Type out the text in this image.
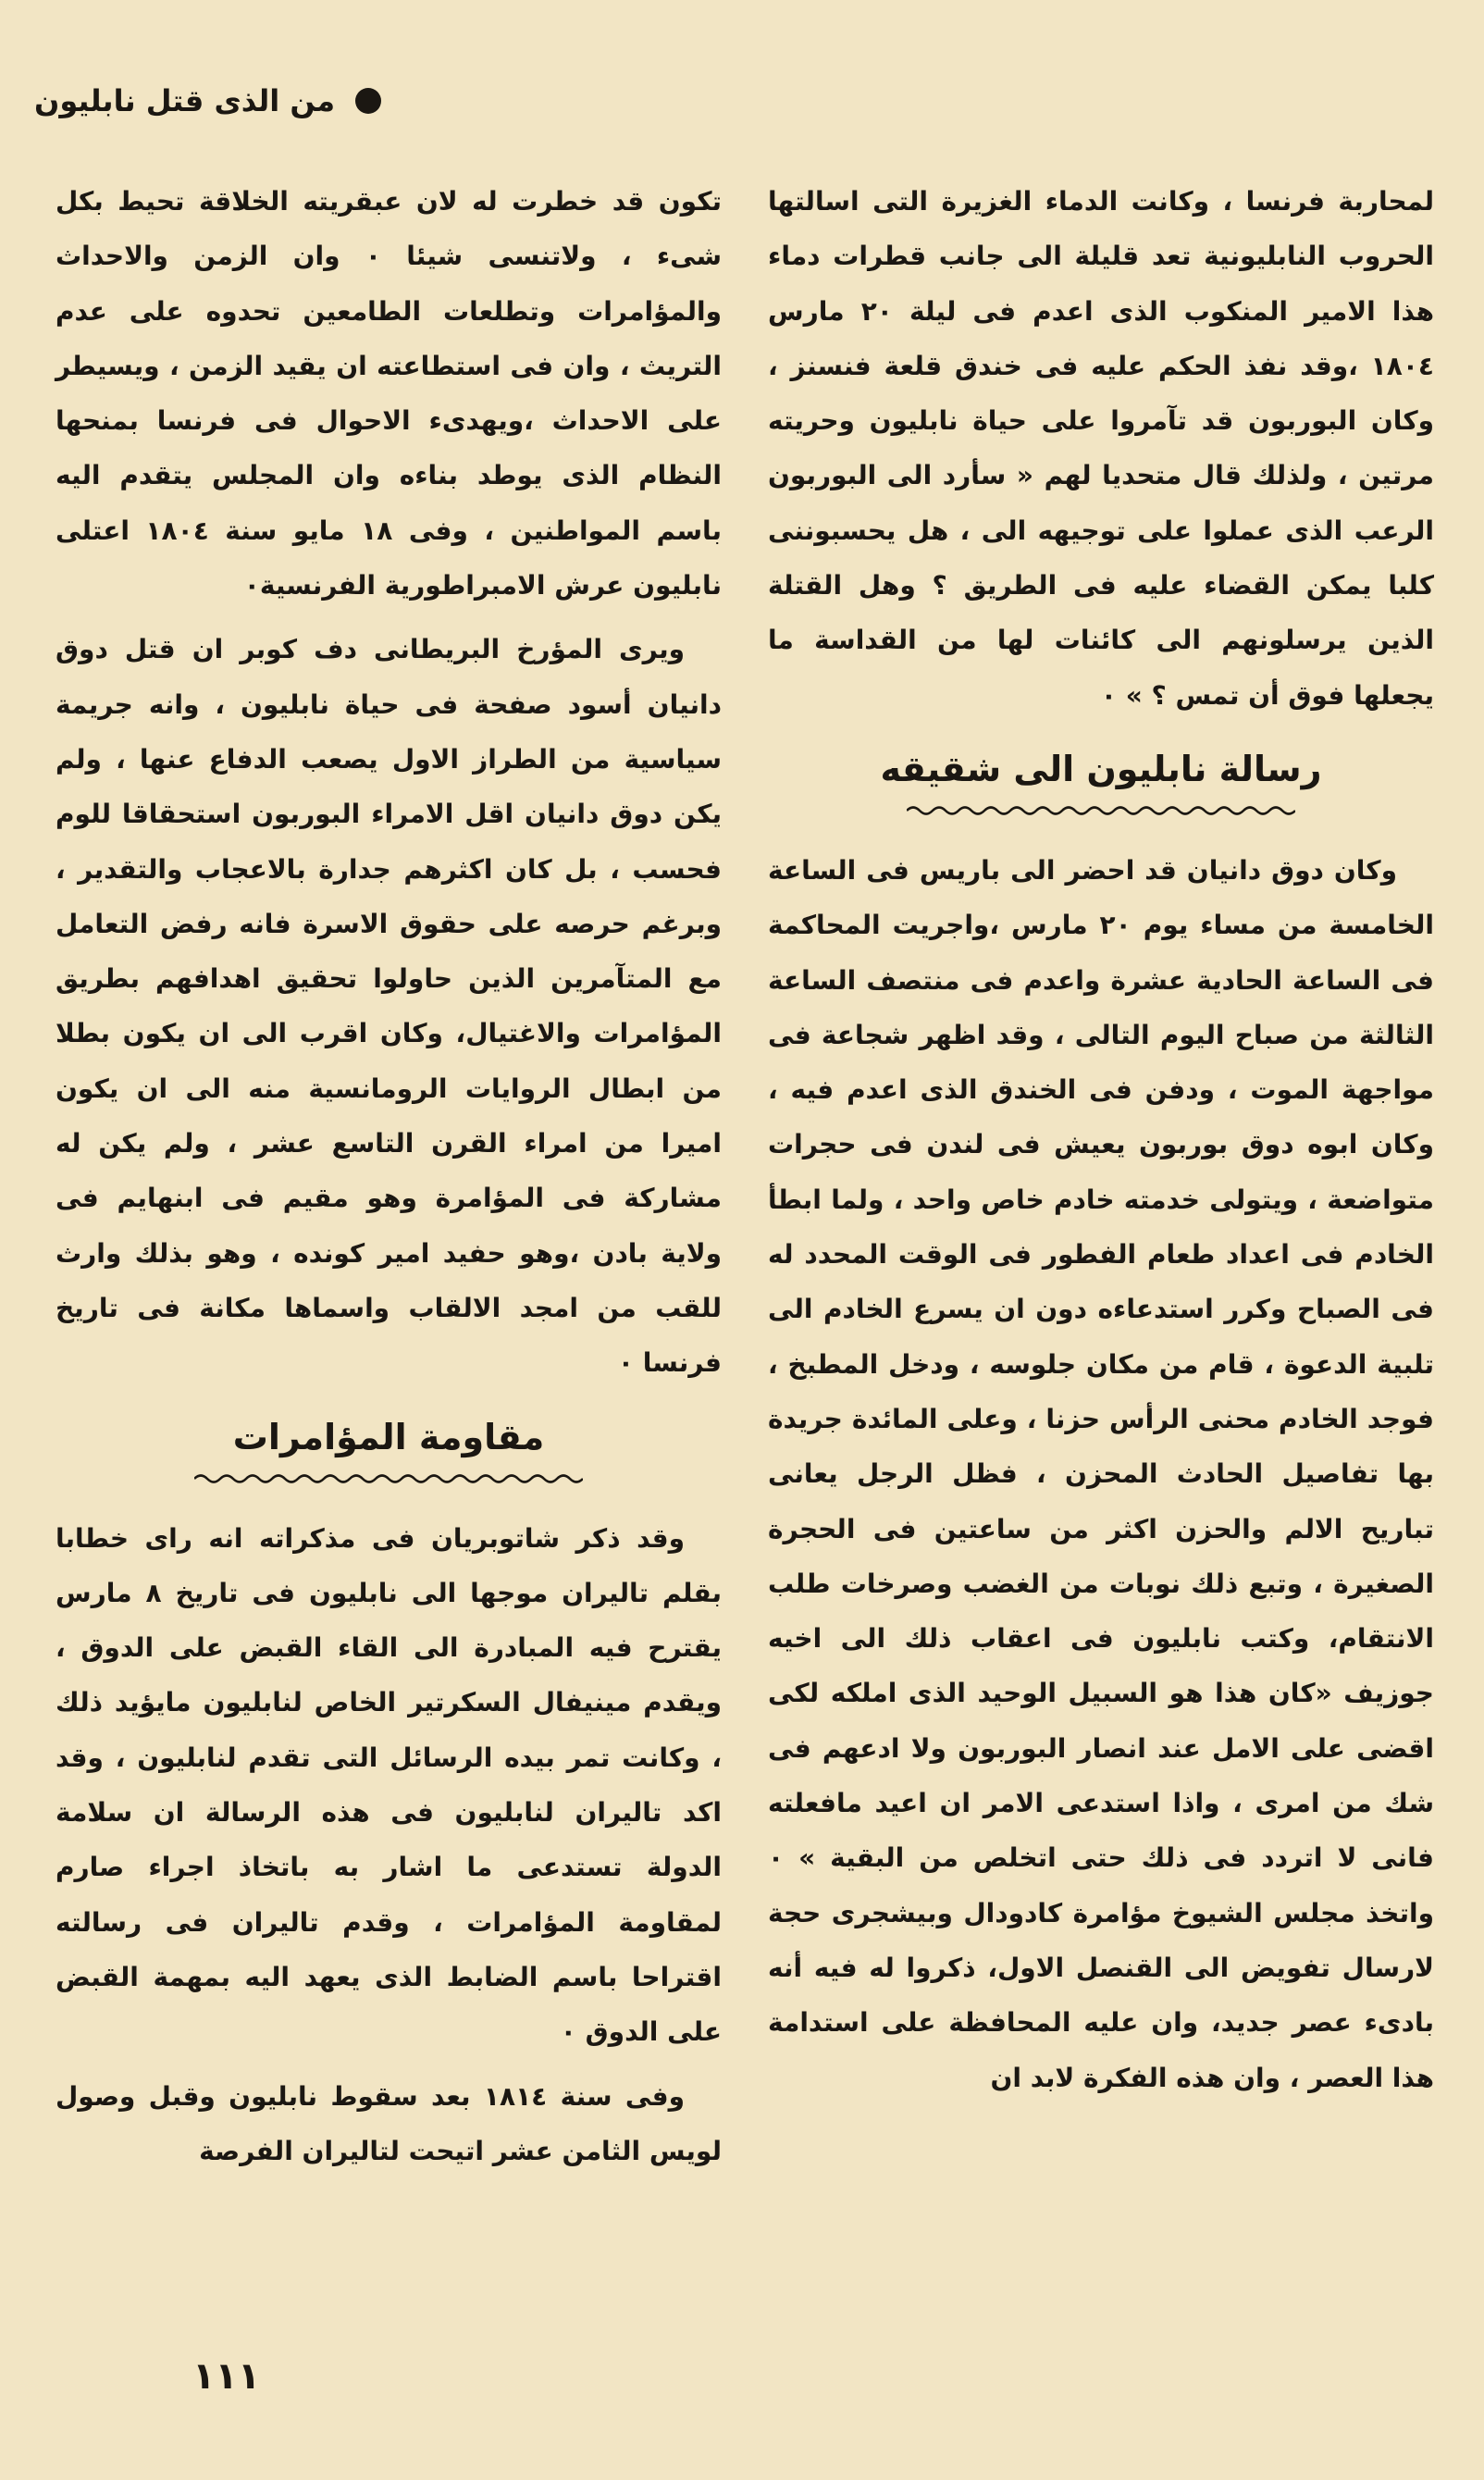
من الذى قتل نابليون

لمحاربة فرنسا ، وكانت الدماء الغزيرة التى اسالتها الحروب النابليونية تعد قليلة الى جانب قطرات دماء هذا الامير المنكوب الذى اعدم فى ليلة ٢٠ مارس ١٨٠٤ ،وقد نفذ الحكم عليه فى خندق قلعة فنسنز ، وكان البوربون قد تآمروا على حياة نابليون وحريته مرتين ، ولذلك قال متحديا لهم « سأرد الى البوربون الرعب الذى عملوا على توجيهه الى ، هل يحسبوننى كلبا يمكن القضاء عليه فى الطريق ؟ وهل القتلة الذين يرسلونهم الى كائنات لها من القداسة ما يجعلها فوق أن تمس ؟ » ٠

رسالة نابليون الى شقيقه

وكان دوق دانيان قد احضر الى باريس فى الساعة الخامسة من مساء يوم ٢٠ مارس ،واجريت المحاكمة فى الساعة الحادية عشرة واعدم فى منتصف الساعة الثالثة من صباح اليوم التالى ، وقد اظهر شجاعة فى مواجهة الموت ، ودفن فى الخندق الذى اعدم فيه ، وكان ابوه دوق بوربون يعيش فى لندن فى حجرات متواضعة ، ويتولى خدمته خادم خاص واحد ، ولما ابطأ الخادم فى اعداد طعام الفطور فى الوقت المحدد له فى الصباح وكرر استدعاءه دون ان يسرع الخادم الى تلبية الدعوة ، قام من مكان جلوسه ، ودخل المطبخ ، فوجد الخادم محنى الرأس حزنا ، وعلى المائدة جريدة بها تفاصيل الحادث المحزن ، فظل الرجل يعانى تباريح الالم والحزن اكثر من ساعتين فى الحجرة الصغيرة ، وتبع ذلك نوبات من الغضب وصرخات طلب الانتقام، وكتب نابليون فى اعقاب ذلك الى اخيه جوزيف «كان هذا هو السبيل الوحيد الذى املكه لكى اقضى على الامل عند انصار البوربون ولا ادعهم فى شك من امرى ، واذا استدعى الامر ان اعيد مافعلته فانى لا اتردد فى ذلك حتى اتخلص من البقية » ٠ واتخذ مجلس الشيوخ مؤامرة كادودال وبيشجرى حجة لارسال تفويض الى القنصل الاول، ذكروا له فيه أنه بادىء عصر جديد، وان عليه المحافظة على استدامة هذا العصر ، وان هذه الفكرة لابد ان

تكون قد خطرت له لان عبقريته الخلاقة تحيط بكل شىء ، ولاتنسى شيئا ٠ وان الزمن والاحداث والمؤامرات وتطلعات الطامعين تحدوه على عدم التريث ، وان فى استطاعته ان يقيد الزمن ، ويسيطر على الاحداث ،ويهدىء الاحوال فى فرنسا بمنحها النظام الذى يوطد بناءه وان المجلس يتقدم اليه باسم المواطنين ، وفى ١٨ مايو سنة ١٨٠٤ اعتلى نابليون عرش الامبراطورية الفرنسية٠

ويرى المؤرخ البريطانى دف كوبر ان قتل دوق دانيان أسود صفحة فى حياة نابليون ، وانه جريمة سياسية من الطراز الاول يصعب الدفاع عنها ، ولم يكن دوق دانيان اقل الامراء البوربون استحقاقا للوم فحسب ، بل كان اكثرهم جدارة بالاعجاب والتقدير ، وبرغم حرصه على حقوق الاسرة فانه رفض التعامل مع المتآمرين الذين حاولوا تحقيق اهدافهم بطريق المؤامرات والاغتيال، وكان اقرب الى ان يكون بطلا من ابطال الروايات الرومانسية منه الى ان يكون اميرا من امراء القرن التاسع عشر ، ولم يكن له مشاركة فى المؤامرة وهو مقيم فى ابنهايم فى ولاية بادن ،وهو حفيد امير كونده ، وهو بذلك وارث للقب من امجد الالقاب واسماها مكانة فى تاريخ فرنسا ٠

مقاومة المؤامرات

وقد ذكر شاتوبريان فى مذكراته انه راى خطابا بقلم تاليران موجها الى نابليون فى تاريخ ٨ مارس يقترح فيه المبادرة الى القاء القبض على الدوق ، ويقدم مينيفال السكرتير الخاص لنابليون مايؤيد ذلك ، وكانت تمر بيده الرسائل التى تقدم لنابليون ، وقد اكد تاليران لنابليون فى هذه الرسالة ان سلامة الدولة تستدعى ما اشار به باتخاذ اجراء صارم لمقاومة المؤامرات ، وقدم تاليران فى رسالته اقتراحا باسم الضابط الذى يعهد اليه بمهمة القبض على الدوق ٠

وفى سنة ١٨١٤ بعد سقوط نابليون وقبل وصول لويس الثامن عشر اتيحت لتاليران الفرصة

١١١
